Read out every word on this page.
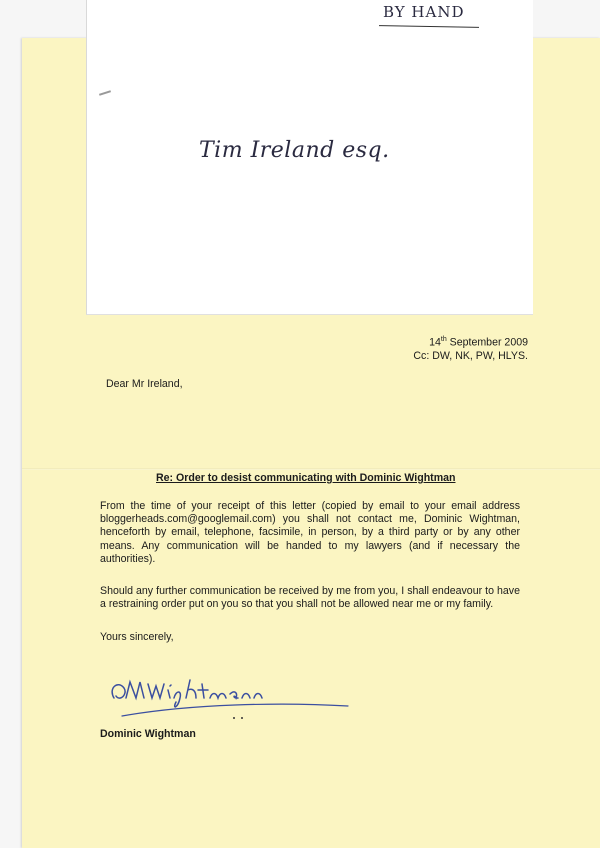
14th September 2009
Cc: DW, NK, PW, HLYS.
Dear Mr Ireland,
Re: Order to desist communicating with Dominic Wightman
From the time of your receipt of this letter (copied by email to your email address bloggerheads.com@googlemail.com) you shall not contact me, Dominic Wightman, henceforth by email, telephone, facsimile, in person, by a third party or by any other means. Any communication will be handed to my lawyers (and if necessary the authorities).
Should any further communication be received by me from you, I shall endeavour to have a restraining order put on you so that you shall not be allowed near me or my family.
Yours sincerely,
Dominic Wightman
BY HAND
Tim Ireland esq.
